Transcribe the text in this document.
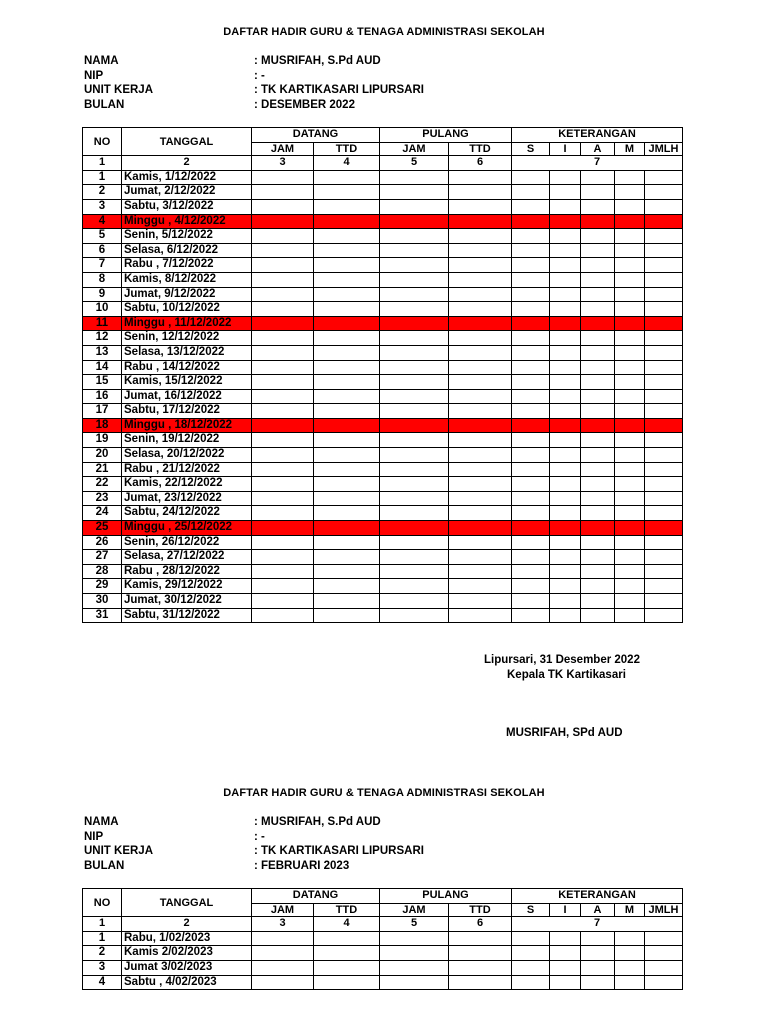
DAFTAR HADIR GURU & TENAGA ADMINISTRASI SEKOLAH
NAMA	: MUSRIFAH, S.Pd AUD
NIP	: -
UNIT KERJA	: TK KARTIKASARI LIPURSARI
BULAN	: DESEMBER 2022
NO	TANGGAL	DATANG		PULANG		KETERANGAN				
		JAM	TTD	JAM	TTD	S	I	A	M	JMLH
1	2	3	4	5	6	7				
1	Kamis, 1/12/2022									
2	Jumat, 2/12/2022									
3	Sabtu, 3/12/2022									
4	Minggu , 4/12/2022									
5	Senin, 5/12/2022									
6	Selasa, 6/12/2022									
7	Rabu , 7/12/2022									
8	Kamis, 8/12/2022									
9	Jumat, 9/12/2022									
10	Sabtu, 10/12/2022									
11	Minggu , 11/12/2022									
12	Senin, 12/12/2022									
13	Selasa, 13/12/2022									
14	Rabu , 14/12/2022									
15	Kamis, 15/12/2022									
16	Jumat, 16/12/2022									
17	Sabtu, 17/12/2022									
18	Minggu , 18/12/2022									
19	Senin, 19/12/2022									
20	Selasa, 20/12/2022									
21	Rabu , 21/12/2022									
22	Kamis, 22/12/2022									
23	Jumat, 23/12/2022									
24	Sabtu, 24/12/2022									
25	Minggu , 25/12/2022									
26	Senin, 26/12/2022									
27	Selasa, 27/12/2022									
28	Rabu , 28/12/2022									
29	Kamis, 29/12/2022									
30	Jumat, 30/12/2022									
31	Sabtu, 31/12/2022									
Lipursari, 31 Desember 2022
Kepala TK Kartikasari
MUSRIFAH, SPd AUD
DAFTAR HADIR GURU & TENAGA ADMINISTRASI SEKOLAH
NAMA	: MUSRIFAH, S.Pd AUD
NIP	: -
UNIT KERJA	: TK KARTIKASARI LIPURSARI
BULAN	: FEBRUARI 2023
NO	TANGGAL	DATANG		PULANG		KETERANGAN				
		JAM	TTD	JAM	TTD	S	I	A	M	JMLH
1	2	3	4	5	6	7				
1	Rabu, 1/02/2023									
2	Kamis 2/02/2023									
3	Jumat 3/02/2023									
4	Sabtu , 4/02/2023									
